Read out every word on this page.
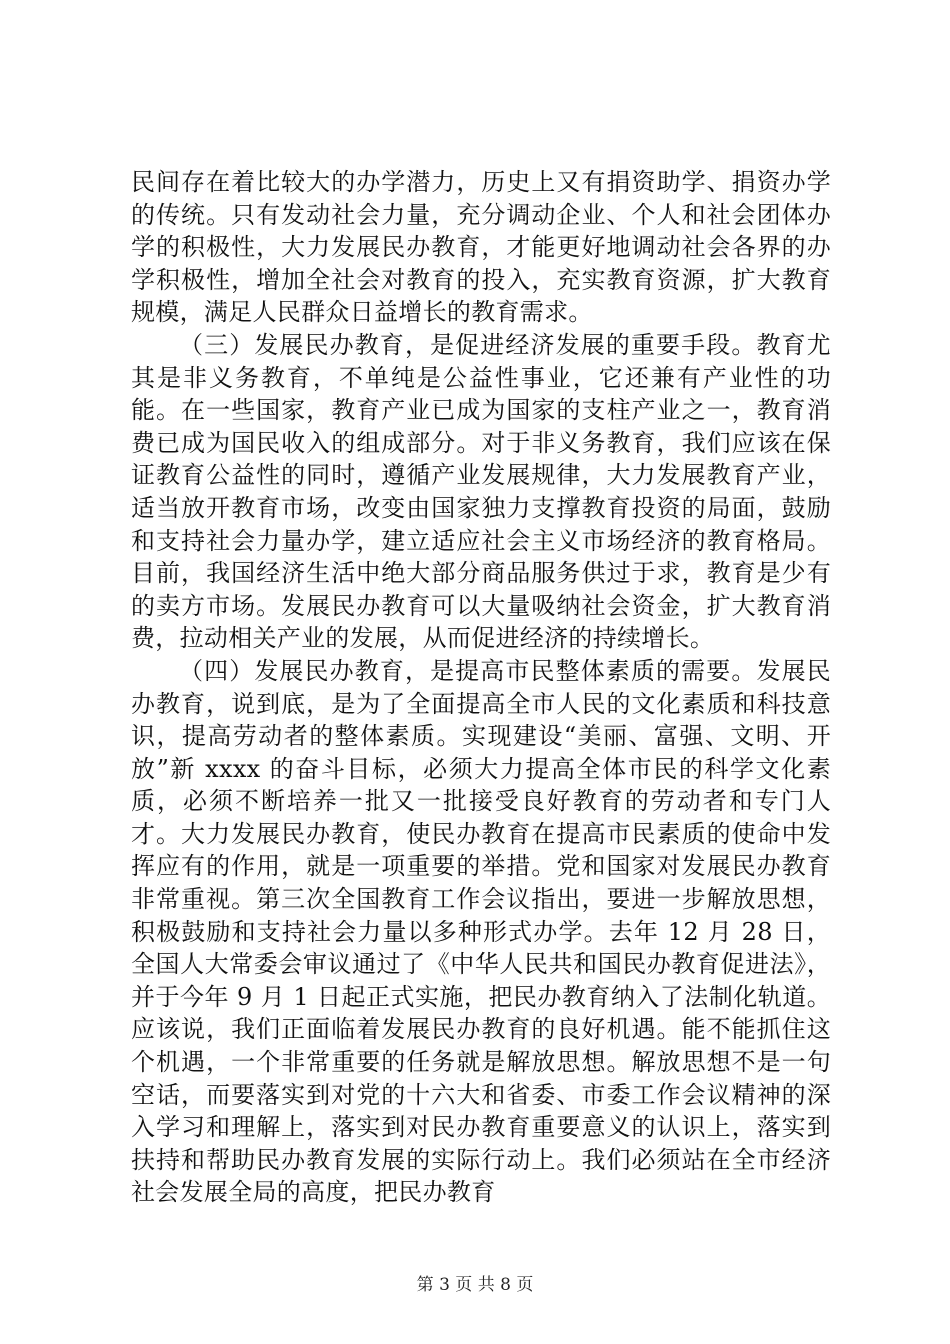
民间存在着比较大的办学潜力，历史上又有捐资助学、捐资办学的传统。只有发动社会力量，充分调动企业、个人和社会团体办学的积极性，大力发展民办教育，才能更好地调动社会各界的办学积极性，增加全社会对教育的投入，充实教育资源，扩大教育规模，满足人民群众日益增长的教育需求。

（三）发展民办教育，是促进经济发展的重要手段。教育尤其是非义务教育，不单纯是公益性事业，它还兼有产业性的功能。在一些国家，教育产业已成为国家的支柱产业之一，教育消费已成为国民收入的组成部分。对于非义务教育，我们应该在保证教育公益性的同时，遵循产业发展规律，大力发展教育产业，适当放开教育市场，改变由国家独力支撑教育投资的局面，鼓励和支持社会力量办学，建立适应社会主义市场经济的教育格局。目前，我国经济生活中绝大部分商品服务供过于求，教育是少有的卖方市场。发展民办教育可以大量吸纳社会资金，扩大教育消费，拉动相关产业的发展，从而促进经济的持续增长。

（四）发展民办教育，是提高市民整体素质的需要。发展民办教育，说到底，是为了全面提高全市人民的文化素质和科技意识，提高劳动者的整体素质。实现建设“美丽、富强、文明、开放”新 xxxx 的奋斗目标，必须大力提高全体市民的科学文化素质，必须不断培养一批又一批接受良好教育的劳动者和专门人才。大力发展民办教育，使民办教育在提高市民素质的使命中发挥应有的作用，就是一项重要的举措。党和国家对发展民办教育非常重视。第三次全国教育工作会议指出，要进一步解放思想，积极鼓励和支持社会力量以多种形式办学。去年 12 月 28 日，全国人大常委会审议通过了《中华人民共和国民办教育促进法》，并于今年 9 月 1 日起正式实施，把民办教育纳入了法制化轨道。应该说，我们正面临着发展民办教育的良好机遇。能不能抓住这个机遇，一个非常重要的任务就是解放思想。解放思想不是一句空话，而要落实到对党的十六大和省委、市委工作会议精神的深入学习和理解上，落实到对民办教育重要意义的认识上，落实到扶持和帮助民办教育发展的实际行动上。我们必须站在全市经济社会发展全局的高度，把民办教育

第 3 页 共 8 页
